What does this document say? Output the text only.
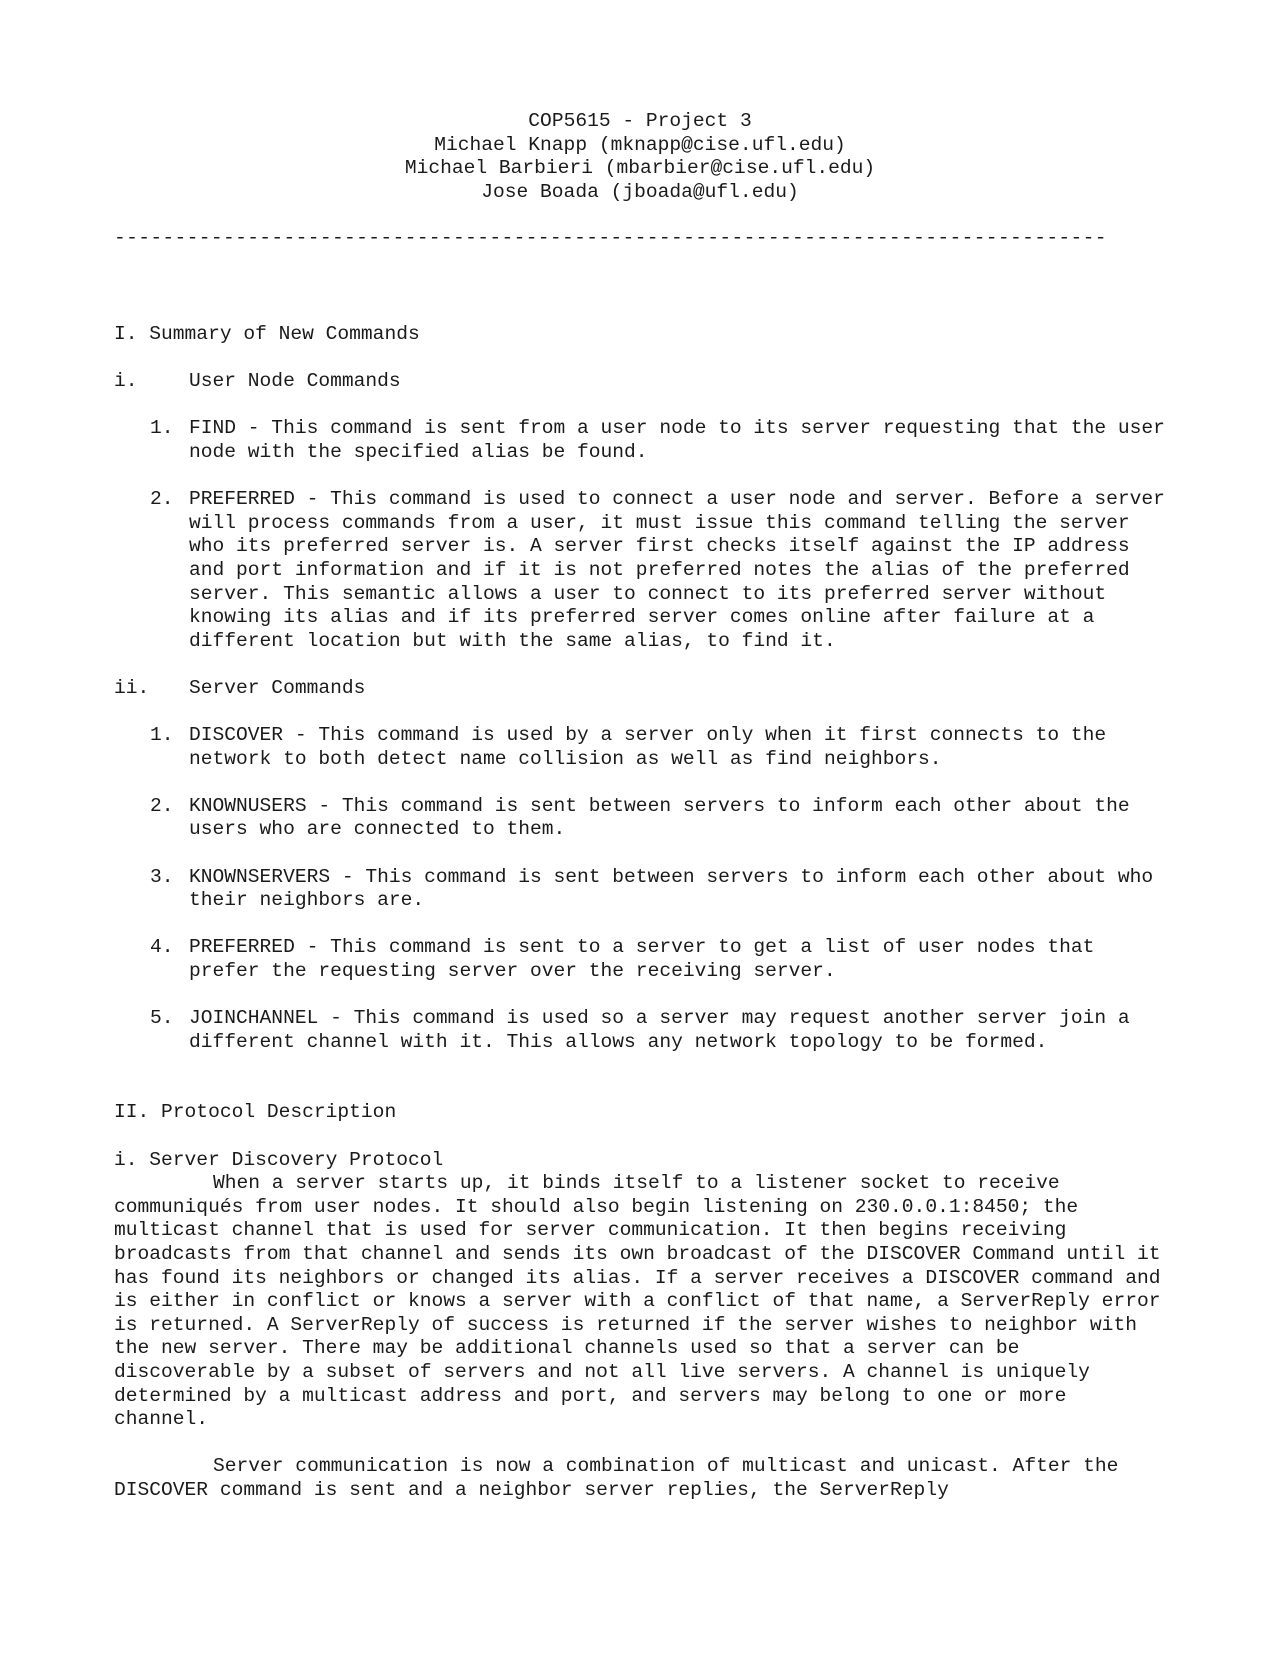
COP5615 - Project 3
Michael Knapp (mknapp@cise.ufl.edu)
Michael Barbieri (mbarbier@cise.ufl.edu)
Jose Boada (jboada@ufl.edu)
----------------------------------------------------------------------------------
I. Summary of New Commands
i.	User Node Commands
1. FIND - This command is sent from a user node to its server requesting that the user node with the specified alias be found.
2. PREFERRED - This command is used to connect a user node and server. Before a server will process commands from a user, it must issue this command telling the server who its preferred server is. A server first checks itself against the IP address and port information and if it is not preferred notes the alias of the preferred server. This semantic allows a user to connect to its preferred server without knowing its alias and if its preferred server comes online after failure at a different location but with the same alias, to find it.
ii.	Server Commands
1. DISCOVER - This command is used by a server only when it first connects to the network to both detect name collision as well as find neighbors.
2. KNOWNUSERS - This command is sent between servers to inform each other about the users who are connected to them.
3. KNOWNSERVERS - This command is sent between servers to inform each other about who their neighbors are.
4. PREFERRED - This command is sent to a server to get a list of user nodes that prefer the requesting server over the receiving server.
5. JOINCHANNEL - This command is used so a server may request another server join a different channel with it. This allows any network topology to be formed.
II. Protocol Description
i. Server Discovery Protocol
When a server starts up, it binds itself to a listener socket to receive communiqués from user nodes. It should also begin listening on 230.0.0.1:8450; the multicast channel that is used for server communication. It then begins receiving broadcasts from that channel and sends its own broadcast of the DISCOVER Command until it has found its neighbors or changed its alias. If a server receives a DISCOVER command and is either in conflict or knows a server with a conflict of that name, a ServerReply error is returned. A ServerReply of success is returned if the server wishes to neighbor with the new server. There may be additional channels used so that a server can be discoverable by a subset of servers and not all live servers. A channel is uniquely determined by a multicast address and port, and servers may belong to one or more channel.
Server communication is now a combination of multicast and unicast. After the DISCOVER command is sent and a neighbor server replies, the ServerReply
